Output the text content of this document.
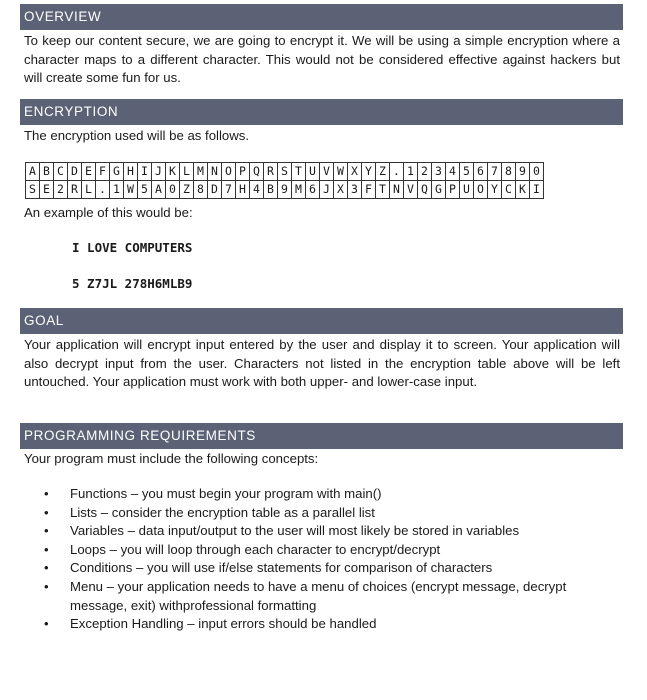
OVERVIEW
To keep our content secure, we are going to encrypt it. We will be using a simple encryption where a character maps to a different character. This would not be considered effective against hackers but will create some fun for us.
ENCRYPTION
The encryption used will be as follows.
A	B	C	D	E	F	G	H	I	J	K	L	M	N	O	P	Q	R	S	T	U	V	W	X	Y	Z	.	1	2	3	4	5	6	7	8	9	0
S	E	2	R	L	.	1	W	5	A	0	Z	8	D	7	H	4	B	9	M	6	J	X	3	F	T	N	V	Q	G	P	U	O	Y	C	K	I
An example of this would be:
I LOVE COMPUTERS
5 Z7JL 278H6MLB9
GOAL
Your application will encrypt input entered by the user and display it to screen. Your application will also decrypt input from the user. Characters not listed in the encryption table above will be left untouched. Your application must work with both upper- and lower-case input.
PROGRAMMING REQUIREMENTS
Your program must include the following concepts:
• Functions – you must begin your program with main()
• Lists – consider the encryption table as a parallel list
• Variables – data input/output to the user will most likely be stored in variables
• Loops – you will loop through each character to encrypt/decrypt
• Conditions – you will use if/else statements for comparison of characters
• Menu – your application needs to have a menu of choices (encrypt message, decrypt message, exit) withprofessional formatting
• Exception Handling – input errors should be handled
